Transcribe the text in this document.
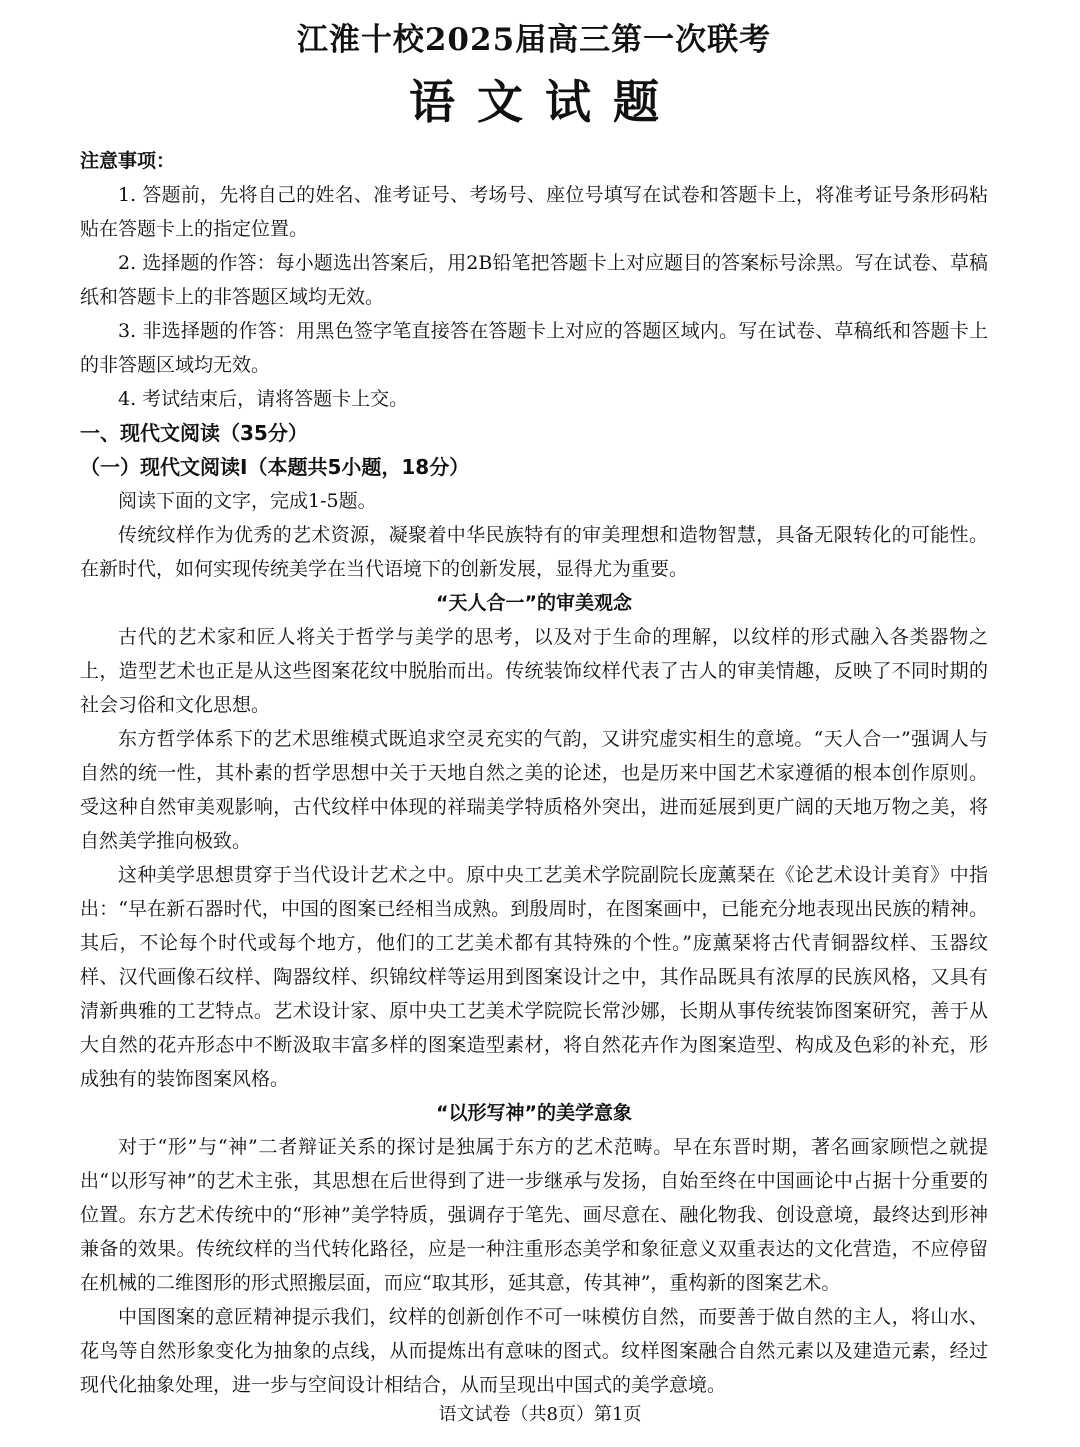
江淮十校2025届高三第一次联考
语文试题
注意事项：

1. 答题前，先将自己的姓名、准考证号、考场号、座位号填写在试卷和答题卡上，将准考证号条形码粘贴在答题卡上的指定位置。

2. 选择题的作答：每小题选出答案后，用2B铅笔把答题卡上对应题目的答案标号涂黑。写在试卷、草稿纸和答题卡上的非答题区域均无效。

3. 非选择题的作答：用黑色签字笔直接答在答题卡上对应的答题区域内。写在试卷、草稿纸和答题卡上的非答题区域均无效。

4. 考试结束后，请将答题卡上交。

一、现代文阅读（35分）
（一）现代文阅读Ⅰ（本题共5小题，18分）

阅读下面的文字，完成1-5题。

传统纹样作为优秀的艺术资源，凝聚着中华民族特有的审美理想和造物智慧，具备无限转化的可能性。在新时代，如何实现传统美学在当代语境下的创新发展，显得尤为重要。

“天人合一”的审美观念

古代的艺术家和匠人将关于哲学与美学的思考，以及对于生命的理解，以纹样的形式融入各类器物之上，造型艺术也正是从这些图案花纹中脱胎而出。传统装饰纹样代表了古人的审美情趣，反映了不同时期的社会习俗和文化思想。

东方哲学体系下的艺术思维模式既追求空灵充实的气韵，又讲究虚实相生的意境。“天人合一”强调人与自然的统一性，其朴素的哲学思想中关于天地自然之美的论述，也是历来中国艺术家遵循的根本创作原则。受这种自然审美观影响，古代纹样中体现的祥瑞美学特质格外突出，进而延展到更广阔的天地万物之美，将自然美学推向极致。

这种美学思想贯穿于当代设计艺术之中。原中央工艺美术学院副院长庞薰琹在《论艺术设计美育》中指出：“早在新石器时代，中国的图案已经相当成熟。到殷周时，在图案画中，已能充分地表现出民族的精神。其后，不论每个时代或每个地方，他们的工艺美术都有其特殊的个性。”庞薰琹将古代青铜器纹样、玉器纹样、汉代画像石纹样、陶器纹样、织锦纹样等运用到图案设计之中，其作品既具有浓厚的民族风格，又具有清新典雅的工艺特点。艺术设计家、原中央工艺美术学院院长常沙娜，长期从事传统装饰图案研究，善于从大自然的花卉形态中不断汲取丰富多样的图案造型素材，将自然花卉作为图案造型、构成及色彩的补充，形成独有的装饰图案风格。

“以形写神”的美学意象

对于“形”与“神”二者辩证关系的探讨是独属于东方的艺术范畴。早在东晋时期，著名画家顾恺之就提出“以形写神”的艺术主张，其思想在后世得到了进一步继承与发扬，自始至终在中国画论中占据十分重要的位置。东方艺术传统中的“形神”美学特质，强调存于笔先、画尽意在、融化物我、创设意境，最终达到形神兼备的效果。传统纹样的当代转化路径，应是一种注重形态美学和象征意义双重表达的文化营造，不应停留在机械的二维图形的形式照搬层面，而应“取其形，延其意，传其神”，重构新的图案艺术。

中国图案的意匠精神提示我们，纹样的创新创作不可一味模仿自然，而要善于做自然的主人，将山水、花鸟等自然形象变化为抽象的点线，从而提炼出有意味的图式。纹样图案融合自然元素以及建造元素，经过现代化抽象处理，进一步与空间设计相结合，从而呈现出中国式的美学意境。

语文试卷（共8页）第1页
